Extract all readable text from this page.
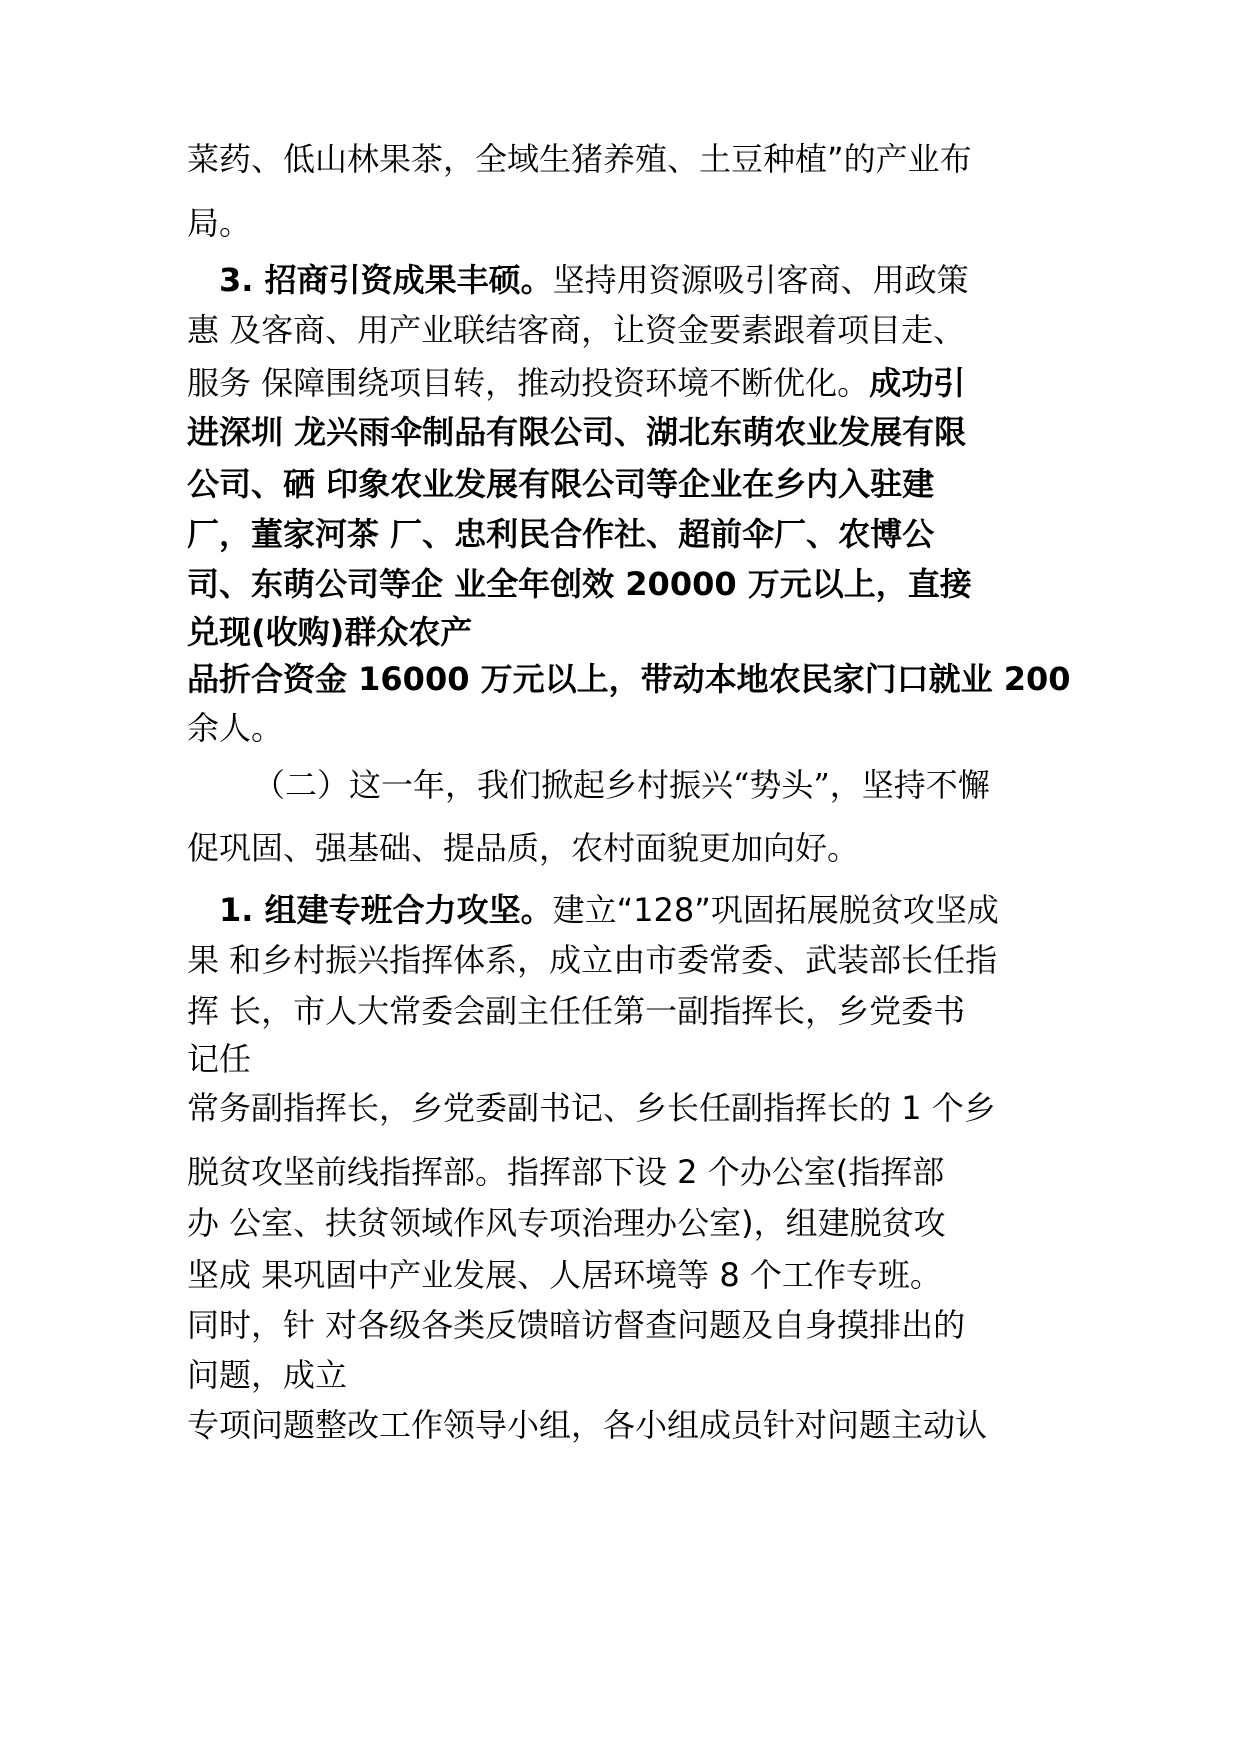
菜药、低山林果茶，全域生猪养殖、土豆种植”的产业布

局。

3. 招商引资成果丰硕。坚持用资源吸引客商、用政策

惠 及客商、用产业联结客商，让资金要素跟着项目走、

服务 保障围绕项目转，推动投资环境不断优化。成功引

进深圳 龙兴雨伞制品有限公司、湖北东萌农业发展有限

公司、硒 印象农业发展有限公司等企业在乡内入驻建

厂，董家河茶 厂、忠利民合作社、超前伞厂、农博公

司、东萌公司等企 业全年创效 20000 万元以上，直接

兑现(收购)群众农产

品折合资金 16000 万元以上，带动本地农民家门口就业 200

余人。

（二）这一年，我们掀起乡村振兴“势头”，坚持不懈

促巩固、强基础、提品质，农村面貌更加向好。

1. 组建专班合力攻坚。建立“128”巩固拓展脱贫攻坚成

果 和乡村振兴指挥体系，成立由市委常委、武装部长任指

挥 长，市人大常委会副主任任第一副指挥长，乡党委书

记任

常务副指挥长，乡党委副书记、乡长任副指挥长的 1 个乡

脱贫攻坚前线指挥部。指挥部下设 2 个办公室(指挥部

办 公室、扶贫领域作风专项治理办公室)，组建脱贫攻

坚成 果巩固中产业发展、人居环境等 8 个工作专班。

同时，针 对各级各类反馈暗访督查问题及自身摸排出的

问题，成立

专项问题整改工作领导小组，各小组成员针对问题主动认
